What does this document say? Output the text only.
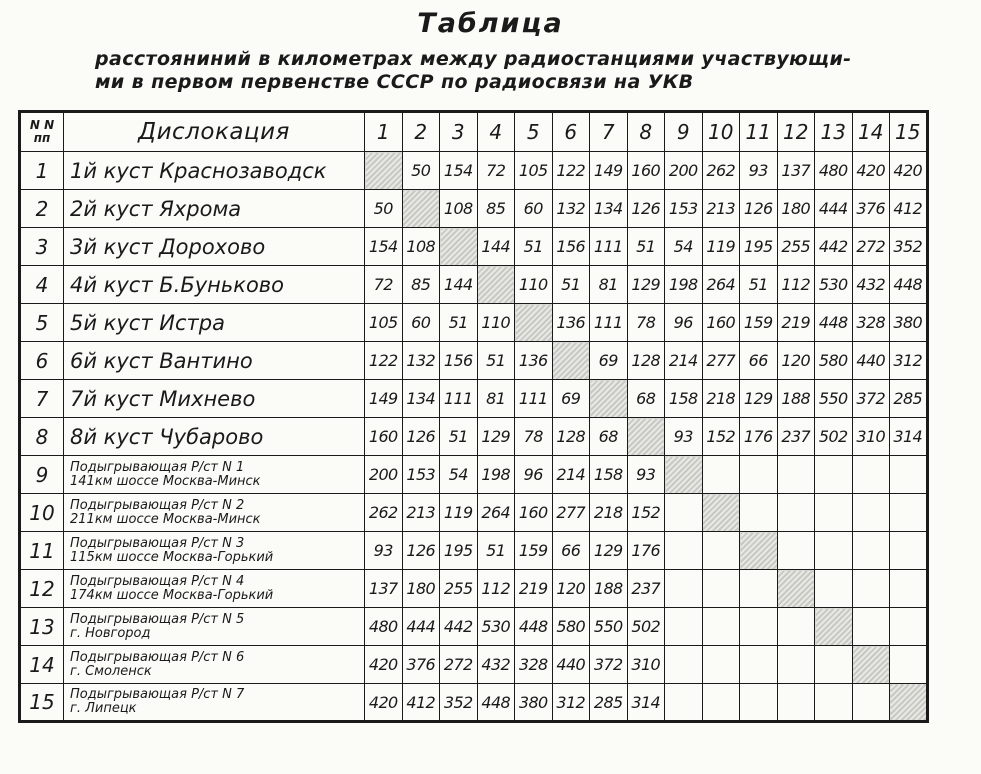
Таблица
расстояниний в километрах между радиостанциями участвующи-
ми в первом первенстве СССР по радиосвязи на УКВ
N N
пп	Дислокация	1	2	3	4	5	6	7	8	9	10	11	12	13	14	15
1	1й куст Краснозаводск		50	154	72	105	122	149	160	200	262	93	137	480	420	420
2	2й куст Яхрома	50		108	85	60	132	134	126	153	213	126	180	444	376	412
3	3й куст Дорохово	154	108		144	51	156	111	51	54	119	195	255	442	272	352
4	4й куст Б.Буньково	72	85	144		110	51	81	129	198	264	51	112	530	432	448
5	5й куст Истра	105	60	51	110		136	111	78	96	160	159	219	448	328	380
6	6й куст Вантино	122	132	156	51	136		69	128	214	277	66	120	580	440	312
7	7й куст Михнево	149	134	111	81	111	69		68	158	218	129	188	550	372	285
8	8й куст Чубарово	160	126	51	129	78	128	68		93	152	176	237	502	310	314
9	Подыгрывающая Р/ст N 1
141км шоссе Москва-Минск	200	153	54	198	96	214	158	93							
10	Подыгрывающая Р/ст N 2
211км шоссе Москва-Минск	262	213	119	264	160	277	218	152							
11	Подыгрывающая Р/ст N 3
115км шоссе Москва-Горький	93	126	195	51	159	66	129	176							
12	Подыгрывающая Р/ст N 4
174км шоссе Москва-Горький	137	180	255	112	219	120	188	237							
13	Подыгрывающая Р/ст N 5
г. Новгород	480	444	442	530	448	580	550	502							
14	Подыгрывающая Р/ст N 6
г. Смоленск	420	376	272	432	328	440	372	310							
15	Подыгрывающая Р/ст N 7
г. Липецк	420	412	352	448	380	312	285	314							
